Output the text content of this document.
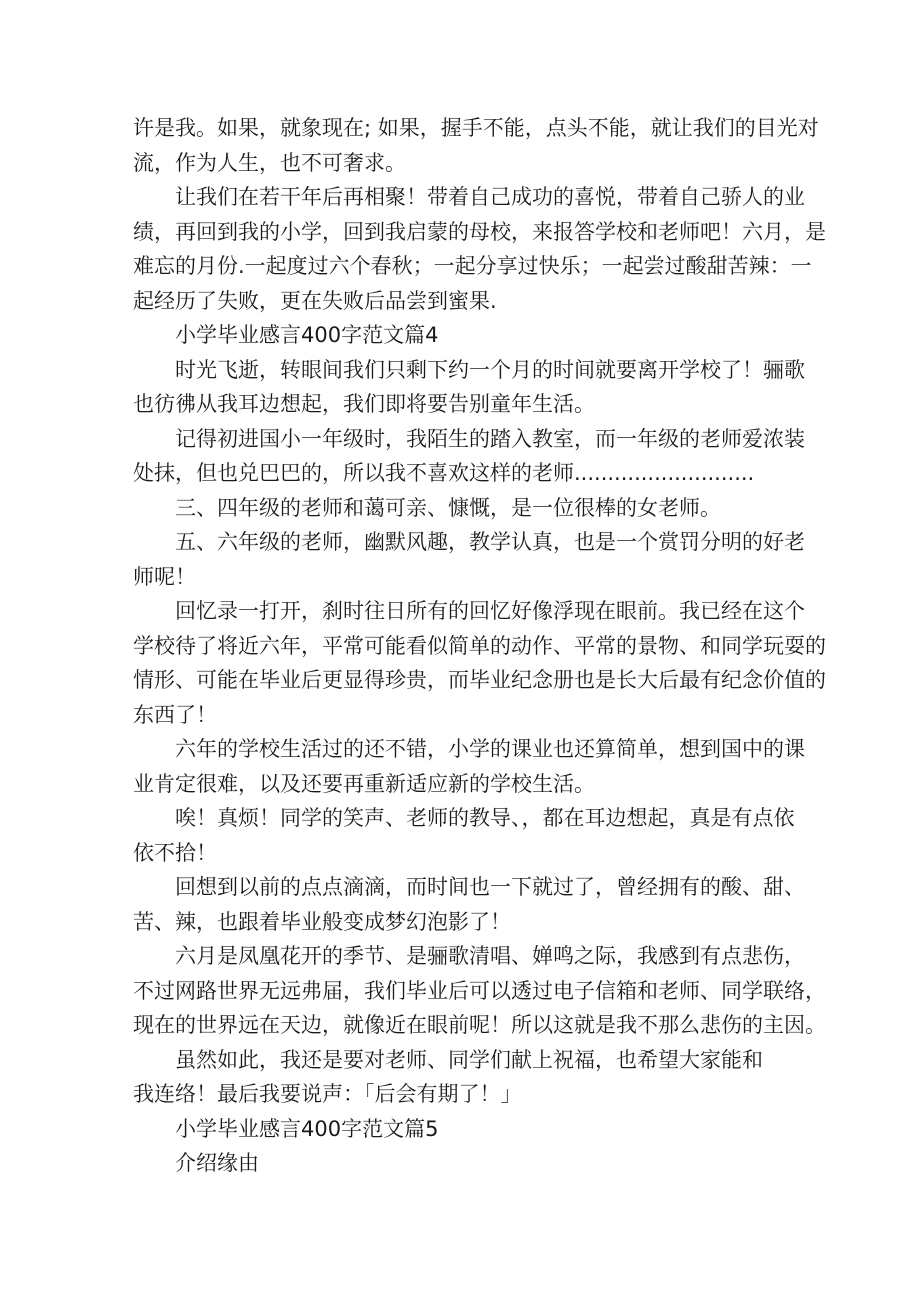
许是我。如果，就象现在; 如果，握手不能，点头不能，就让我们的目光对
流，作为人生，也不可奢求。

让我们在若干年后再相聚！带着自己成功的喜悦，带着自己骄人的业
绩，再回到我的小学，回到我启蒙的母校，来报答学校和老师吧！六月，是
难忘的月份.一起度过六个春秋；一起分享过快乐；一起尝过酸甜苦辣：一
起经历了失败，更在失败后品尝到蜜果.

小学毕业感言400字范文篇4

时光飞逝，转眼间我们只剩下约一个月的时间就要离开学校了！骊歌
也彷彿从我耳边想起，我们即将要告别童年生活。

记得初进国小一年级时，我陌生的踏入教室，而一年级的老师爱浓装
处抹，但也兑巴巴的，所以我不喜欢这样的老师...........................

三、四年级的老师和蔼可亲、慷慨，是一位很棒的女老师。

五、六年级的老师，幽默风趣，教学认真，也是一个赏罚分明的好老
师呢！

回忆录一打开，刹时往日所有的回忆好像浮现在眼前。我已经在这个
学校待了将近六年，平常可能看似简单的动作、平常的景物、和同学玩耍的
情形、可能在毕业后更显得珍贵，而毕业纪念册也是长大后最有纪念价值的
东西了！

六年的学校生活过的还不错，小学的课业也还算简单，想到国中的课
业肯定很难，以及还要再重新适应新的学校生活。

唉！真烦！同学的笑声、老师的教导、，都在耳边想起，真是有点依
依不拾！

回想到以前的点点滴滴，而时间也一下就过了，曾经拥有的酸、甜、
苦、辣，也跟着毕业般变成梦幻泡影了！

六月是凤凰花开的季节、是骊歌清唱、婵鸣之际，我感到有点悲伤，
不过网路世界无远弗届，我们毕业后可以透过电子信箱和老师、同学联络，
现在的世界远在天边，就像近在眼前呢！所以这就是我不那么悲伤的主因。

虽然如此，我还是要对老师、同学们献上祝福，也希望大家能和
我连络！最后我要说声：「后会有期了！」

小学毕业感言400字范文篇5

介绍缘由
